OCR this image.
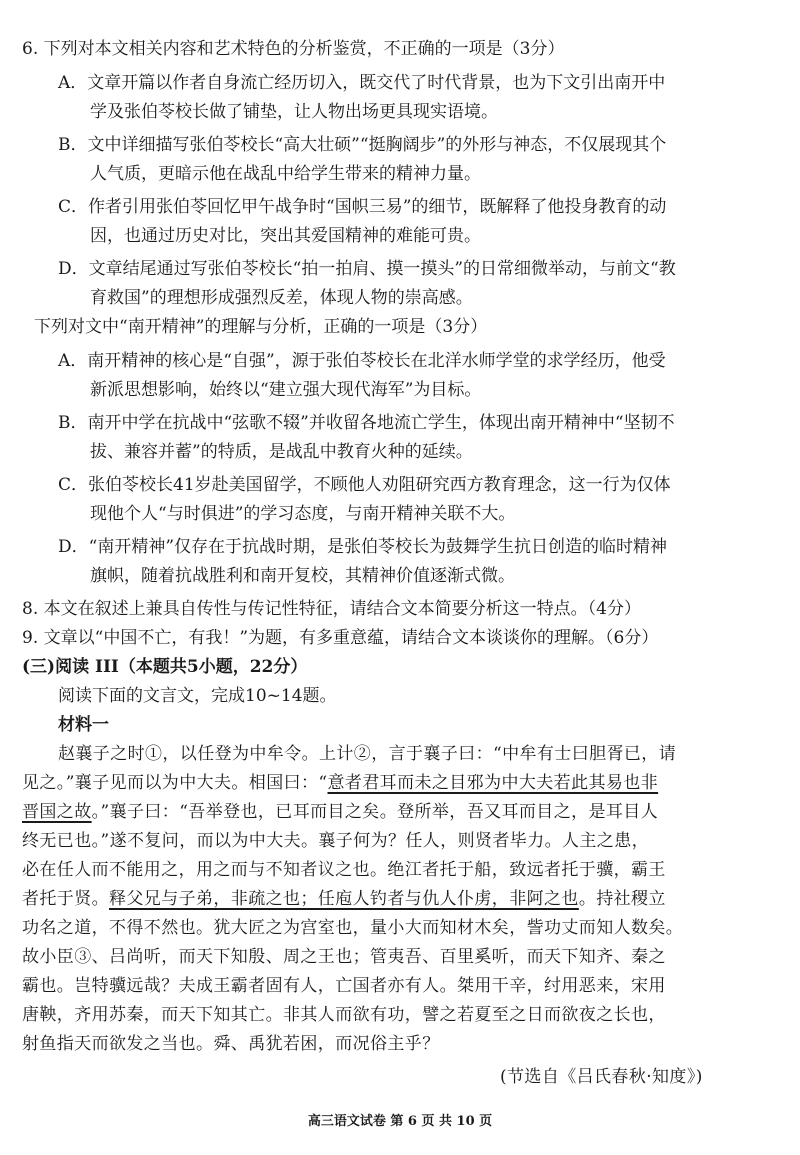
6. 下列对本文相关内容和艺术特色的分析鉴赏，不正确的一项是（3分）
A．文章开篇以作者自身流亡经历切入，既交代了时代背景，也为下文引出南开中
学及张伯苓校长做了铺垫，让人物出场更具现实语境。
B．文中详细描写张伯苓校长“高大壮硕”“挺胸阔步”的外形与神态，不仅展现其个
人气质，更暗示他在战乱中给学生带来的精神力量。
C．作者引用张伯苓回忆甲午战争时“国帜三易”的细节，既解释了他投身教育的动
因，也通过历史对比，突出其爱国精神的难能可贵。
D．文章结尾通过写张伯苓校长“拍一拍肩、摸一摸头”的日常细微举动，与前文“教
育救国”的理想形成强烈反差，体现人物的崇高感。
下列对文中“南开精神”的理解与分析，正确的一项是（3分）
A．南开精神的核心是“自强”，源于张伯苓校长在北洋水师学堂的求学经历，他受
新派思想影响，始终以“建立强大现代海军”为目标。
B．南开中学在抗战中“弦歌不辍”并收留各地流亡学生，体现出南开精神中“坚韧不
拔、兼容并蓄”的特质，是战乱中教育火种的延续。
C．张伯苓校长41岁赴美国留学，不顾他人劝阻研究西方教育理念，这一行为仅体
现他个人“与时俱进”的学习态度，与南开精神关联不大。
D．“南开精神”仅存在于抗战时期，是张伯苓校长为鼓舞学生抗日创造的临时精神
旗帜，随着抗战胜利和南开复校，其精神价值逐渐式微。
8. 本文在叙述上兼具自传性与传记性特征，请结合文本简要分析这一特点。（4分）
9. 文章以“中国不亡，有我！”为题，有多重意蕴，请结合文本谈谈你的理解。（6分）
(三)阅读 III（本题共5小题，22分）
阅读下面的文言文，完成10~14题。
材料一
赵襄子之时①，以任登为中牟令。上计②，言于襄子曰：“中牟有士曰胆胥已，请
见之。”襄子见而以为中大夫。相国曰：“意者君耳而未之目邪为中大夫若此其易也非
晋国之故。”襄子曰：“吾举登也，已耳而目之矣。登所举，吾又耳而目之，是耳目人
终无已也。”遂不复问，而以为中大夫。襄子何为？任人，则贤者毕力。人主之患，
必在任人而不能用之，用之而与不知者议之也。绝江者托于船，致远者托于骥，霸王
者托于贤。释父兄与子弟，非疏之也；任庖人钓者与仇人仆虏，非阿之也。持社稷立
功名之道，不得不然也。犹大匠之为宫室也，量小大而知材木矣，訾功丈而知人数矣。
故小臣③、吕尚听，而天下知殷、周之王也；管夷吾、百里奚听，而天下知齐、秦之
霸也。岂特骥远哉？夫成王霸者固有人，亡国者亦有人。桀用干辛，纣用恶来，宋用
唐鞅，齐用苏秦，而天下知其亡。非其人而欲有功，譬之若夏至之日而欲夜之长也，
射鱼指天而欲发之当也。舜、禹犹若困，而况俗主乎？
(节选自《吕氏春秋·知度》)
高三语文试卷 第 6 页 共 10 页
